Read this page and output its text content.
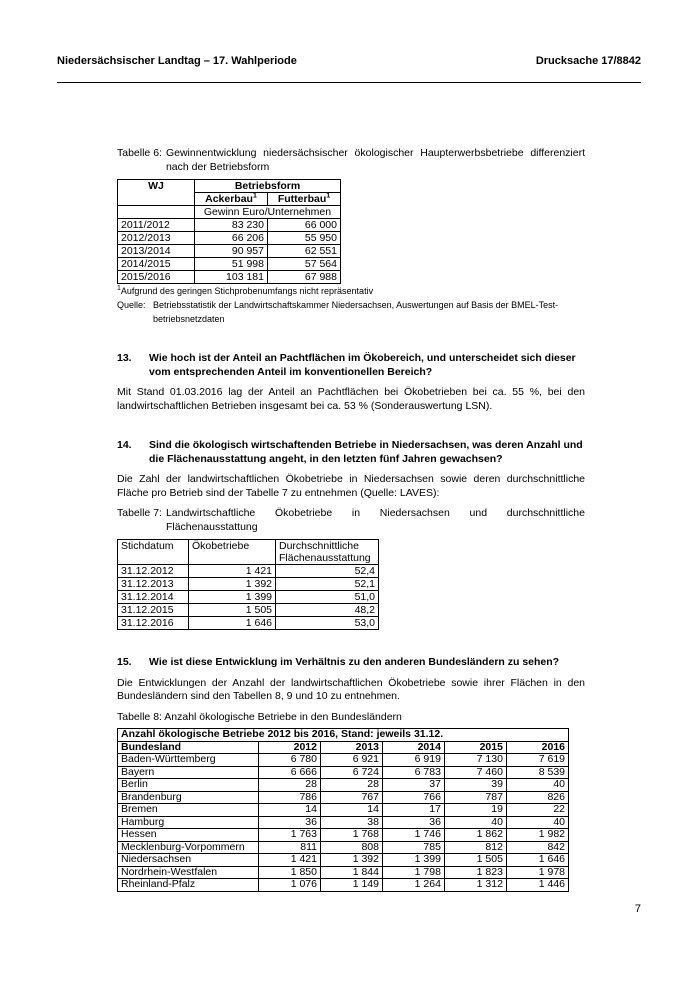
Niedersächsischer Landtag – 17. Wahlperiode	Drucksache 17/8842
Tabelle 6: Gewinnentwicklung niedersächsischer ökologischer Haupterwerbsbetriebe differenziert nach der Betriebsform
WJ	Betriebsform	
	Ackerbau$^1$	Futterbau$^1$
	Gewinn Euro/Unternehmen	
2011/2012	83 230	66 000
2012/2013	66 206	55 950
2013/2014	90 957	62 551
2014/2015	51 998	57 564
2015/2016	103 181	67 988
$^1$Aufgrund des geringen Stichprobenumfangs nicht repräsentativ
Quelle: Betriebsstatistik der Landwirtschaftskammer Niedersachsen, Auswertungen auf Basis der BMEL-Test-betriebsnetzdaten
13.	Wie hoch ist der Anteil an Pachtflächen im Ökobereich, und unterscheidet sich dieser vom entsprechenden Anteil im konventionellen Bereich?

Mit Stand 01.03.2016 lag der Anteil an Pachtflächen bei Ökobetrieben bei ca. 55 %, bei den landwirtschaftlichen Betrieben insgesamt bei ca. 53 % (Sonderauswertung LSN).

14.	Sind die ökologisch wirtschaftenden Betriebe in Niedersachsen, was deren Anzahl und die Flächenausstattung angeht, in den letzten fünf Jahren gewachsen?

Die Zahl der landwirtschaftlichen Ökobetriebe in Niedersachsen sowie deren durchschnittliche Fläche pro Betrieb sind der Tabelle 7 zu entnehmen (Quelle: LAVES):

Tabelle 7: Landwirtschaftliche Ökobetriebe in Niedersachsen und durchschnittliche Flächenausstattung
Stichdatum	Ökobetriebe	Durchschnittliche Flächenausstattung
31.12.2012	1 421	52,4
31.12.2013	1 392	52,1
31.12.2014	1 399	51,0
31.12.2015	1 505	48,2
31.12.2016	1 646	53,0
15.	Wie ist diese Entwicklung im Verhältnis zu den anderen Bundesländern zu sehen?

Die Entwicklungen der Anzahl der landwirtschaftlichen Ökobetriebe sowie ihrer Flächen in den Bundesländern sind den Tabellen 8, 9 und 10 zu entnehmen.

Tabelle 8: Anzahl ökologische Betriebe in den Bundesländern
Anzahl ökologische Betriebe 2012 bis 2016, Stand: jeweils 31.12.					
Bundesland	2012	2013	2014	2015	2016
Baden-Württemberg	6 780	6 921	6 919	7 130	7 619
Bayern	6 666	6 724	6 783	7 460	8 539
Berlin	28	28	37	39	40
Brandenburg	786	767	766	787	826
Bremen	14	14	17	19	22
Hamburg	36	38	36	40	40
Hessen	1 763	1 768	1 746	1 862	1 982
Mecklenburg-Vorpommern	811	808	785	812	842
Niedersachsen	1 421	1 392	1 399	1 505	1 646
Nordrhein-Westfalen	1 850	1 844	1 798	1 823	1 978
Rheinland-Pfalz	1 076	1 149	1 264	1 312	1 446
7
